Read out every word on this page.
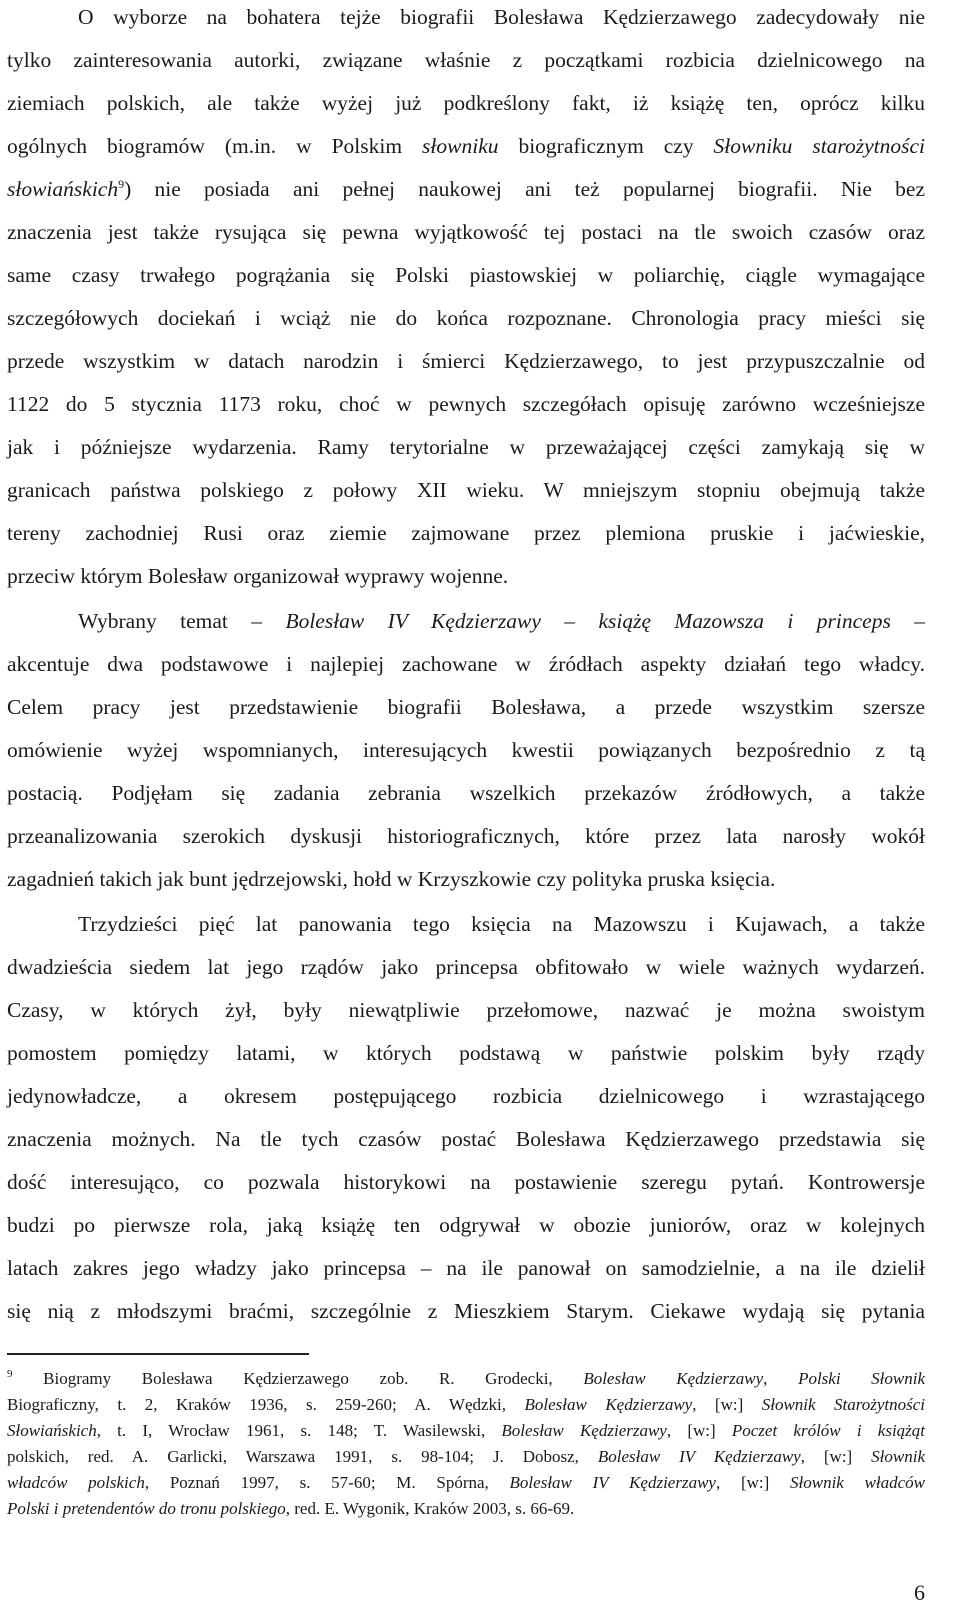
O wyborze na bohatera tejże biografii Bolesława Kędzierzawego zadecydowały nie
tylko zainteresowania autorki, związane właśnie z początkami rozbicia dzielnicowego na
ziemiach polskich, ale także wyżej już podkreślony fakt, iż książę ten, oprócz kilku
ogólnych biogramów (m.in. w Polskim słowniku biograficznym czy Słowniku starożytności
słowiańskich$^9$) nie posiada ani pełnej naukowej ani też popularnej biografii. Nie bez
znaczenia jest także rysująca się pewna wyjątkowość tej postaci na tle swoich czasów oraz
same czasy trwałego pogrążania się Polski piastowskiej w poliarchię, ciągle wymagające
szczegółowych dociekań i wciąż nie do końca rozpoznane. Chronologia pracy mieści się
przede wszystkim w datach narodzin i śmierci Kędzierzawego, to jest przypuszczalnie od
1122 do 5 stycznia 1173 roku, choć w pewnych szczegółach opisuję zarówno wcześniejsze
jak i późniejsze wydarzenia. Ramy terytorialne w przeważającej części zamykają się w
granicach państwa polskiego z połowy XII wieku. W mniejszym stopniu obejmują także
tereny zachodniej Rusi oraz ziemie zajmowane przez plemiona pruskie i jaćwieskie,
przeciw którym Bolesław organizował wyprawy wojenne.
Wybrany temat – Bolesław IV Kędzierzawy – książę Mazowsza i princeps –
akcentuje dwa podstawowe i najlepiej zachowane w źródłach aspekty działań tego władcy.
Celem pracy jest przedstawienie biografii Bolesława, a przede wszystkim szersze
omówienie wyżej wspomnianych, interesujących kwestii powiązanych bezpośrednio z tą
postacią. Podjęłam się zadania zebrania wszelkich przekazów źródłowych, a także
przeanalizowania szerokich dyskusji historiograficznych, które przez lata narosły wokół
zagadnień takich jak bunt jędrzejowski, hołd w Krzyszkowie czy polityka pruska księcia.
Trzydzieści pięć lat panowania tego księcia na Mazowszu i Kujawach, a także
dwadzieścia siedem lat jego rządów jako princepsa obfitowało w wiele ważnych wydarzeń.
Czasy, w których żył, były niewątpliwie przełomowe, nazwać je można swoistym
pomostem pomiędzy latami, w których podstawą w państwie polskim były rządy
jedynowładcze, a okresem postępującego rozbicia dzielnicowego i wzrastającego
znaczenia możnych. Na tle tych czasów postać Bolesława Kędzierzawego przedstawia się
dość interesująco, co pozwala historykowi na postawienie szeregu pytań. Kontrowersje
budzi po pierwsze rola, jaką książę ten odgrywał w obozie juniorów, oraz w kolejnych
latach zakres jego władzy jako princepsa – na ile panował on samodzielnie, a na ile dzielił
się nią z młodszymi braćmi, szczególnie z Mieszkiem Starym. Ciekawe wydają się pytania
$^9$ Biogramy Bolesława Kędzierzawego zob. R. Grodecki, Bolesław Kędzierzawy, Polski Słownik
Biograficzny, t. 2, Kraków 1936, s. 259-260; A. Wędzki, Bolesław Kędzierzawy, [w:] Słownik Starożytności
Słowiańskich, t. I, Wrocław 1961, s. 148; T. Wasilewski, Bolesław Kędzierzawy, [w:] Poczet królów i książąt
polskich, red. A. Garlicki, Warszawa 1991, s. 98-104; J. Dobosz, Bolesław IV Kędzierzawy, [w:] Słownik
władców polskich, Poznań 1997, s. 57-60; M. Spórna, Bolesław IV Kędzierzawy, [w:] Słownik władców
Polski i pretendentów do tronu polskiego, red. E. Wygonik, Kraków 2003, s. 66-69.
6
